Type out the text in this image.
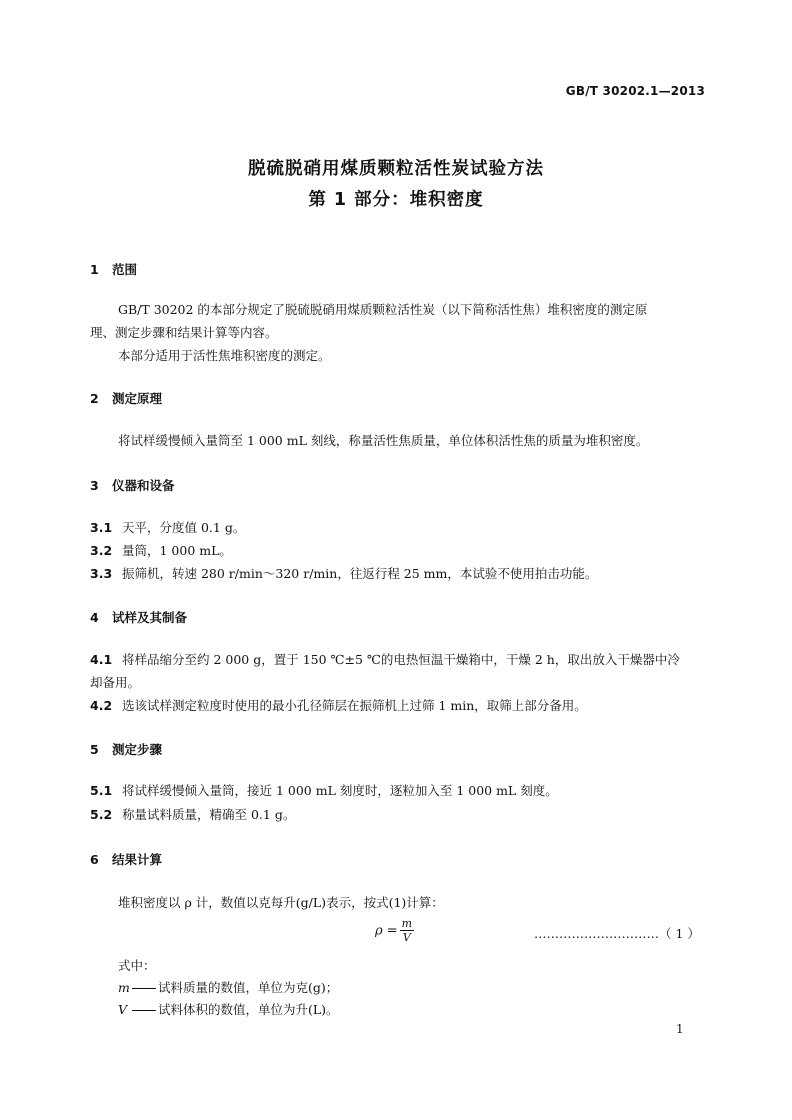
GB/T 30202.1—2013
脱硫脱硝用煤质颗粒活性炭试验方法
第 1 部分：堆积密度
1 范围
GB/T 30202 的本部分规定了脱硫脱硝用煤质颗粒活性炭（以下简称活性焦）堆积密度的测定原
理、测定步骤和结果计算等内容。
本部分适用于活性焦堆积密度的测定。
2 测定原理
将试样缓慢倾入量筒至 1 000 mL 刻线，称量活性焦质量，单位体积活性焦的质量为堆积密度。
3 仪器和设备
3.1 天平，分度值 0.1 g。
3.2 量筒，1 000 mL。
3.3 振筛机，转速 280 r/min～320 r/min，往返行程 25 mm，本试验不使用拍击功能。
4 试样及其制备
4.1 将样品缩分至约 2 000 g，置于 150 ℃±5 ℃的电热恒温干燥箱中，干燥 2 h，取出放入干燥器中冷
却备用。
4.2 选该试样测定粒度时使用的最小孔径筛层在振筛机上过筛 1 min，取筛上部分备用。
5 测定步骤
5.1 将试样缓慢倾入量筒，接近 1 000 mL 刻度时，逐粒加入至 1 000 mL 刻度。
5.2 称量试料质量，精确至 0.1 g。
6 结果计算
堆积密度以 ρ 计，数值以克每升(g/L)表示，按式(1)计算：
$\rho = \frac{m}{V}$	…………………………（ 1 ）
式中：
m 试料质量的数值，单位为克(g)；
V 试料体积的数值，单位为升(L)。
1
